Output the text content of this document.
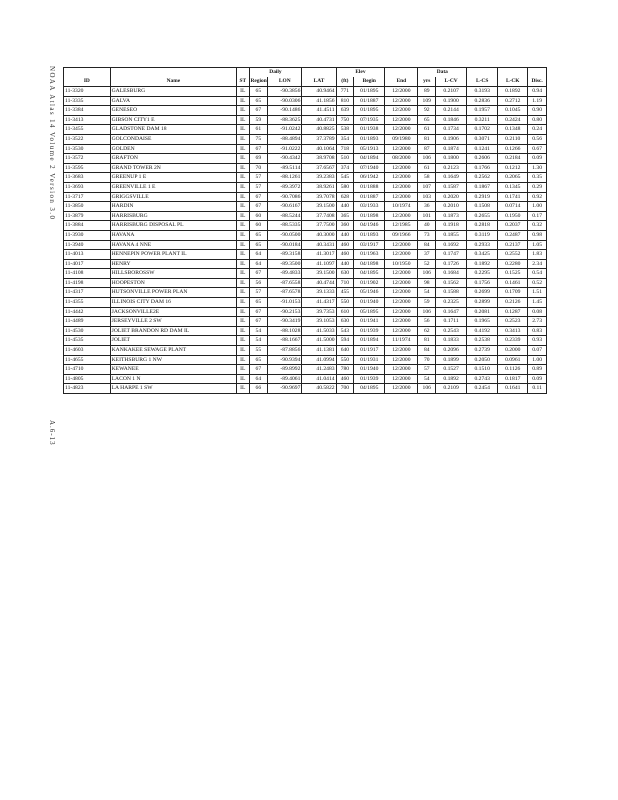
NOAA Atlas 14 Volume 2 Version 3.0
A.6-13
			Daily			Elev			Data				
ID	Name	ST	Region	LON	LAT	(ft)	Begin	End	yrs	L-CV	L-CS	L-CK	Disc.
11-3320	GALESBURG	IL	65	-90.3856	40.9464	771	01/1895	12/2000	89	0.2107	0.3193	0.1892	0.94
11-3335	GALVA	IL	65	-90.0306	41.1856	810	01/1887	12/2000	109	0.1900	0.2836	0.2712	1.19
11-3384	GENESEO	IL	67	-90.1486	41.4511	639	01/1895	12/2000	92	0.2144	0.1957	0.1045	0.90
11-3413	GIBSON CITY1 E	IL	59	-88.3625	40.4731	750	07/1935	12/2000	65	0.1846	0.3211	0.2424	0.80
11-3455	GLADSTONE DAM 18	IL	61	-91.0242	40.8825	538	01/1938	12/2000	61	0.1734	0.1702	0.1348	0.24
11-3522	GOLCONDAISE	IL	75	-88.4894	37.3789	354	01/1893	09/1980	81	0.1906	0.3071	0.2110	0.56
11-3530	GOLDEN	IL	67	-91.0222	40.1064	718	05/1913	12/2000	87	0.1874	0.1241	0.1266	0.67
11-3572	GRAFTON	IL	69	-90.4342	38.9708	510	04/1894	08/2000	106	0.1800	0.2606	0.2184	0.09
11-3595	GRAND TOWER 2N	IL	70	-89.5114	37.6567	374	07/1940	12/2000	61	0.2123	0.1766	0.1212	1.30
11-3683	GREENUP 1 E	IL	57	-88.1261	39.2383	545	06/1942	12/2000	58	0.1649	0.2562	0.2065	0.35
11-3693	GREENVILLE 1 E	IL	57	-89.3972	38.9261	580	01/1888	12/2000	107	0.1587	0.1867	0.1345	0.29
11-3717	GRIGGSVILLE	IL	67	-90.7086	39.7078	628	01/1887	12/2000	103	0.2020	0.2919	0.1741	0.92
11-3850	HARDIN	IL	67	-90.6167	39.1500	440	03/1933	10/1974	36	0.2010	0.1508	0.0714	1.00
11-3879	HARRISBURG	IL	60	-88.5244	37.7408	365	01/1898	12/2000	101	0.1873	0.2655	0.1950	0.17
11-3884	HARRISBURG DISPOSAL PL	IL	60	-88.5335	37.7500	360	04/1946	12/1985	40	0.1918	0.2818	0.2037	0.32
11-3930	HAVANA	IL	65	-90.0500	40.3000	440	01/1893	09/1966	73	0.1855	0.3119	0.2487	0.98
11-3940	HAVANA 4 NNE	IL	65	-90.0184	40.3431	460	03/1917	12/2000	84	0.1692	0.2933	0.2137	1.05
11-4013	HENNEPIN POWER PLANT IL	IL	64	-89.3158	41.3017	460	01/1963	12/2000	37	0.1747	0.3425	0.2552	1.83
11-4017	HENRY	IL	64	-89.3500	41.1097	440	04/1898	10/1950	52	0.1726	0.1892	0.2280	2.34
11-4108	HILLSBOROSSW	IL	67	-89.4833	39.1500	630	04/1895	12/2000	106	0.1684	0.2295	0.1525	0.54
11-4198	HOOPESTON	IL	56	-87.6558	40.4744	710	01/1902	12/2000	98	0.1562	0.1756	0.1461	0.52
11-4317	HUTSONVILLE POWER PLAN	IL	57	-87.6578	39.1333	455	05/1946	12/2000	54	0.1588	0.2699	0.1709	1.51
11-4355	ILLINOIS CITY DAM 16	IL	65	-91.0153	41.4317	550	01/1940	12/2000	59	0.2325	0.2899	0.2126	1.45
11-4442	JACKSONVILLE2E	IL	67	-90.2153	39.7353	610	05/1895	12/2000	106	0.1647	0.2081	0.1287	0.08
11-4489	JERSEYVILLE 2 SW	IL	67	-90.3419	39.1053	630	01/1941	12/2000	56	0.1711	0.1965	0.2523	2.73
11-4530	JOLIET BRANDON RD DAM IL	IL	54	-88.1028	41.5033	543	01/1939	12/2000	62	0.2543	0.4192	0.3413	0.83
11-4535	JOLIET	IL	54	-88.1667	41.5000	594	01/1894	11/1974	81	0.1833	0.2538	0.2339	0.93
11-4603	KANKAKEE SEWAGE PLANT	IL	55	-87.8856	41.1381	640	01/1917	12/2000	84	0.2096	0.2739	0.2000	0.07
11-4655	KEITHSBURG 1 NW	IL	65	-90.9394	41.0994	550	01/1931	12/2000	70	0.1899	0.2050	0.0961	1.00
11-4710	KEWANEE	IL	67	-89.8992	41.2483	780	01/1940	12/2000	57	0.1527	0.1510	0.1126	0.89
11-4805	LACON 1 N	IL	64	-89.4061	41.0414	460	01/1939	12/2000	54	0.1892	0.2743	0.1817	0.09
11-4823	LA HARPE 1 SW	IL	66	-90.9697	40.5822	700	04/1895	12/2000	106	0.2109	0.2454	0.1641	0.11
